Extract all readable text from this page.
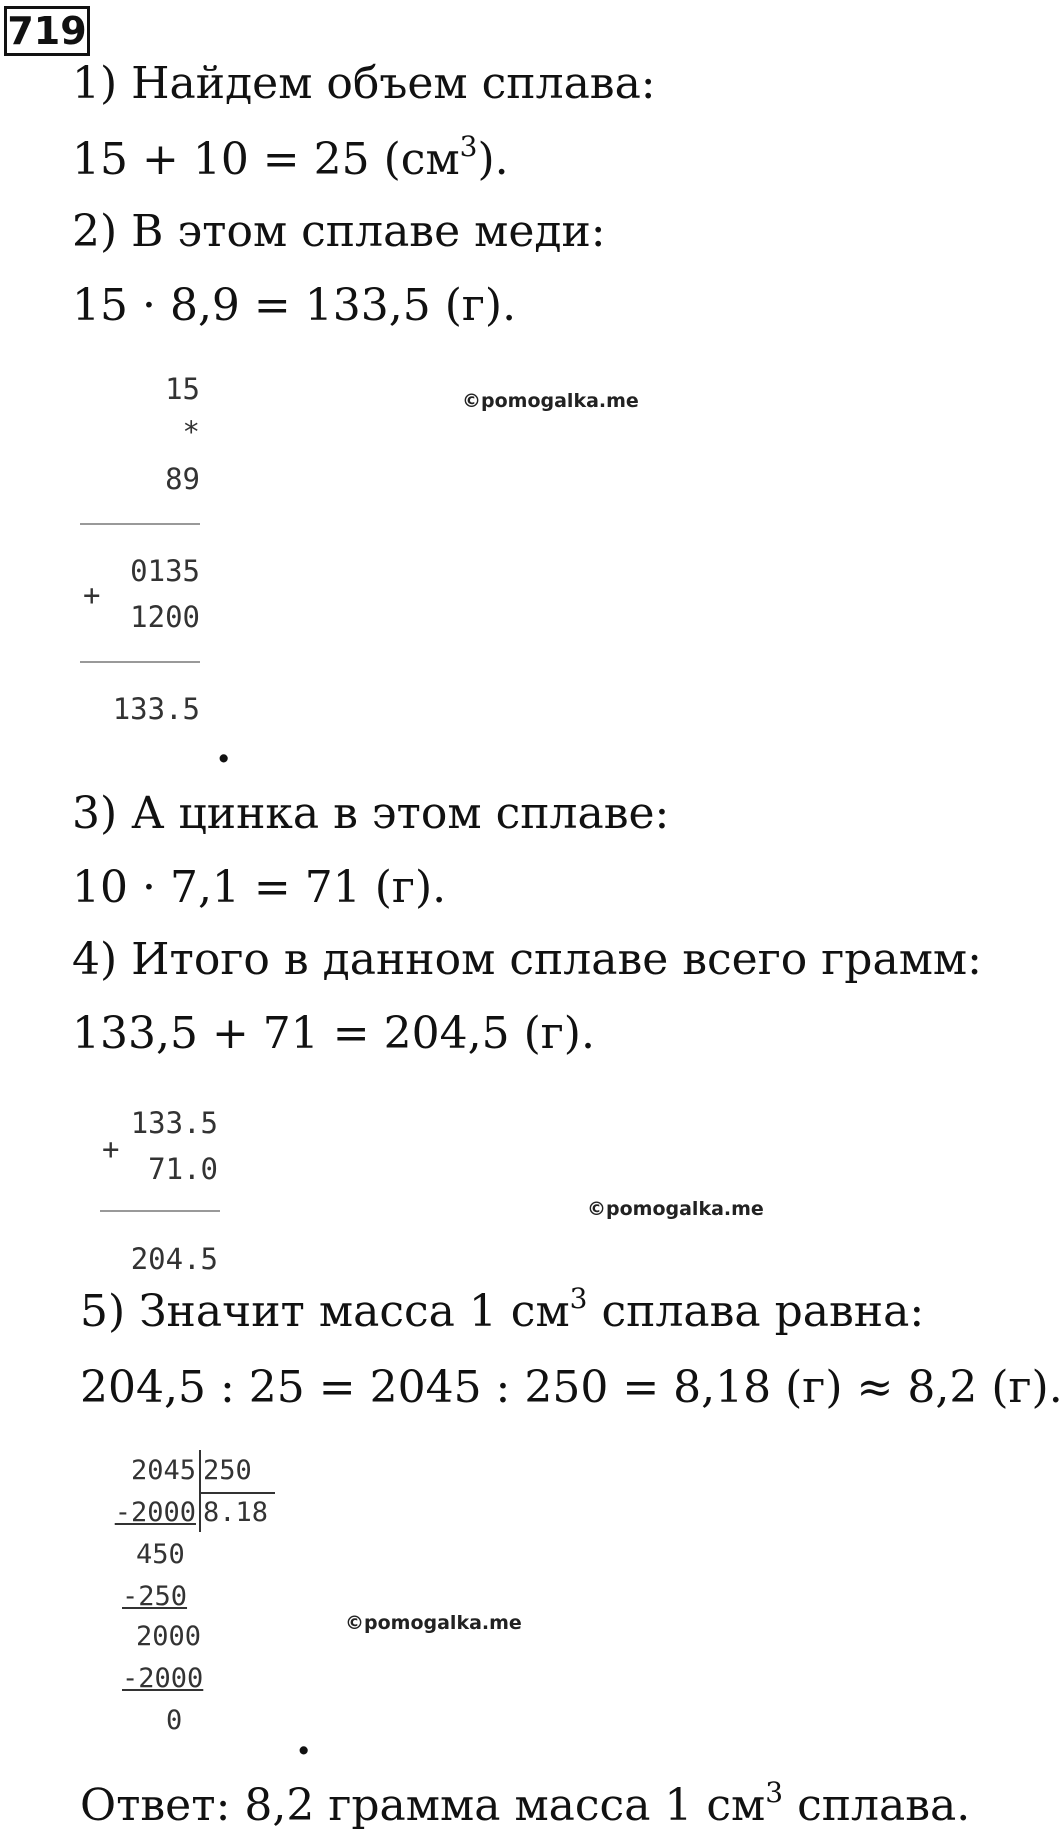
719
1) Найдем объем сплава:
15 + 10 = 25 $(см^3)$.
2) В этом сплаве меди:
15 · 8,9 = 133,5 (г).
15
*
89
+
0135
1200
133.5
.
©pomogalka.me
3) А цинка в этом сплаве:
10 · 7,1 = 71 (г).
4) Итого в данном сплаве всего грамм:
133,5 + 71 = 204,5 (г).
+
133.5
71.0
204.5
©pomogalka.me
5) Значит масса 1 $см^3$ сплава равна:
204,5 : 25 = 2045 : 250 = 8,18 (г) ≈ 8,2 (г).
2045 250
-2000 8.18
450
-250
2000
-2000
0	.
©pomogalka.me
Ответ: 8,2 грамма масса 1 $см^3$ сплава.
